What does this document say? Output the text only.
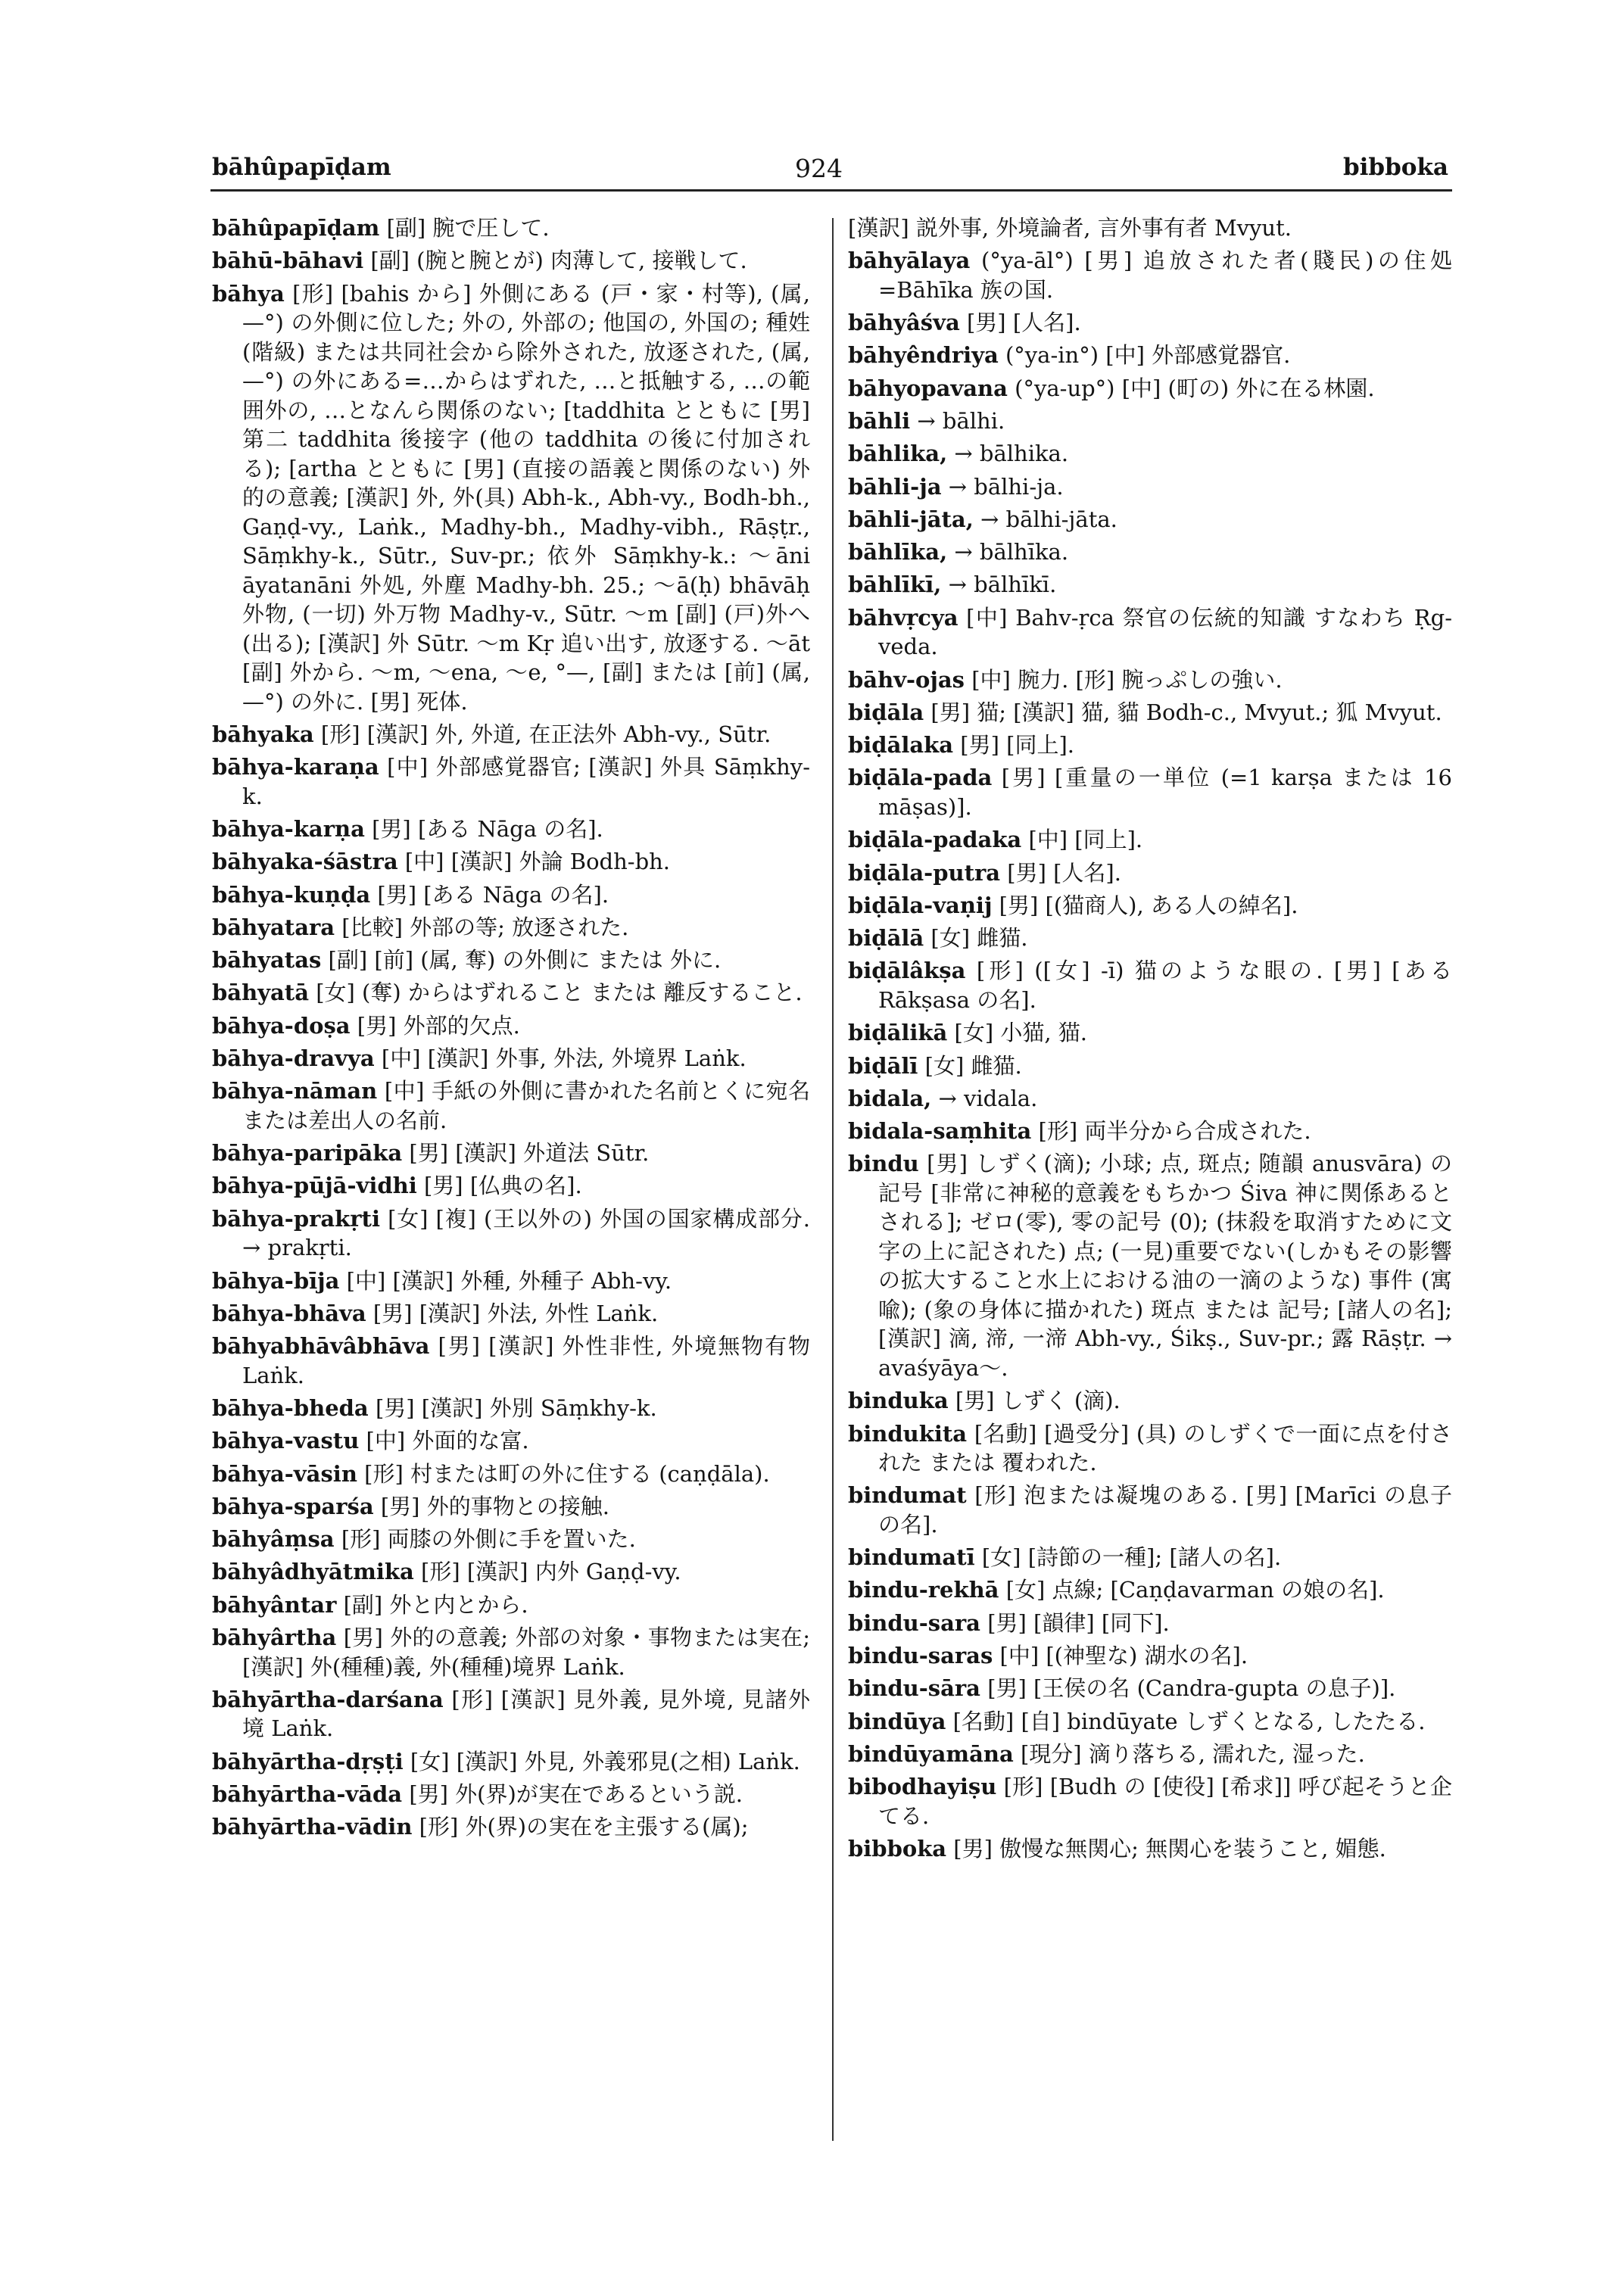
bāhûpapīḍam	924	bibboka
bāhûpapīḍam [副] 腕で圧して.
bāhū-bāhavi [副] (腕と腕とが) 肉薄して, 接戦して.
bāhya [形] [bahis から] 外側にある (戸・家・村等), (属, —°) の外側に位した; 外の, 外部の; 他国の, 外国の; 種姓(階級) または共同社会から除外された, 放逐された, (属, —°) の外にある=…からはずれた, …と抵触する, …の範囲外の, …となんら関係のない; [taddhita とともに [男] 第二 taddhita 後接字 (他の taddhita の後に付加される); [artha とともに [男] (直接の語義と関係のない) 外的の意義; [漢訳] 外, 外(具) Abh-k., Abh-vy., Bodh-bh., Gaṇḍ-vy., Laṅk., Madhy-bh., Madhy-vibh., Rāṣṭr., Sāṃkhy-k., Sūtr., Suv-pr.; 依外 Sāṃkhy-k.: ～āni āyatanāni 外処, 外塵 Madhy-bh. 25.; ～ā(ḥ) bhāvāḥ 外物, (一切) 外万物 Madhy-v., Sūtr. ～m [副] (戸)外へ (出る); [漢訳] 外 Sūtr. ～m Kṛ 追い出す, 放逐する. ～āt [副] 外から. ～m, ～ena, ～e, °—, [副] または [前] (属, —°) の外に. [男] 死体.
bāhyaka [形] [漢訳] 外, 外道, 在正法外 Abh-vy., Sūtr.
bāhya-karaṇa [中] 外部感覚器官; [漢訳] 外具 Sāṃkhy-k.
bāhya-karṇa [男] [ある Nāga の名].
bāhyaka-śāstra [中] [漢訳] 外論 Bodh-bh.
bāhya-kuṇḍa [男] [ある Nāga の名].
bāhyatara [比較] 外部の等; 放逐された.
bāhyatas [副] [前] (属, 奪) の外側に または 外に.
bāhyatā [女] (奪) からはずれること または 離反すること.
bāhya-doṣa [男] 外部的欠点.
bāhya-dravya [中] [漢訳] 外事, 外法, 外境界 Laṅk.
bāhya-nāman [中] 手紙の外側に書かれた名前とくに宛名または差出人の名前.
bāhya-paripāka [男] [漢訳] 外道法 Sūtr.
bāhya-pūjā-vidhi [男] [仏典の名].
bāhya-prakṛti [女] [複] (王以外の) 外国の国家構成部分. → prakṛti.
bāhya-bīja [中] [漢訳] 外種, 外種子 Abh-vy.
bāhya-bhāva [男] [漢訳] 外法, 外性 Laṅk.
bāhyabhāvâbhāva [男] [漢訳] 外性非性, 外境無物有物 Laṅk.
bāhya-bheda [男] [漢訳] 外別 Sāṃkhy-k.
bāhya-vastu [中] 外面的な富.
bāhya-vāsin [形] 村または町の外に住する (caṇḍāla).
bāhya-sparśa [男] 外的事物との接触.
bāhyâṃsa [形] 両膝の外側に手を置いた.
bāhyâdhyātmika [形] [漢訳] 内外 Gaṇḍ-vy.
bāhyântar [副] 外と内とから.
bāhyârtha [男] 外的の意義; 外部の対象・事物または実在; [漢訳] 外(種種)義, 外(種種)境界 Laṅk.
bāhyārtha-darśana [形] [漢訳] 見外義, 見外境, 見諸外境 Laṅk.
bāhyārtha-dṛṣṭi [女] [漢訳] 外見, 外義邪見(之相) Laṅk.
bāhyārtha-vāda [男] 外(界)が実在であるという説.
bāhyārtha-vādin [形] 外(界)の実在を主張する(属);
[漢訳] 説外事, 外境論者, 言外事有者 Mvyut.
bāhyālaya (°ya-āl°) [男] 追放された者(賤民)の住処=Bāhīka 族の国.
bāhyâśva [男] [人名].
bāhyêndriya (°ya-in°) [中] 外部感覚器官.
bāhyopavana (°ya-up°) [中] (町の) 外に在る林園.
bāhli → bālhi.
bāhlika, → bālhika.
bāhli-ja → bālhi-ja.
bāhli-jāta, → bālhi-jāta.
bāhlīka, → bālhīka.
bāhlīkī, → bālhīkī.
bāhvṛcya [中] Bahv-ṛca 祭官の伝統的知識 すなわち Ṛg-veda.
bāhv-ojas [中] 腕力. [形] 腕っぷしの強い.
biḍāla [男] 猫; [漢訳] 猫, 貓 Bodh-c., Mvyut.; 狐 Mvyut.
biḍālaka [男] [同上].
biḍāla-pada [男] [重量の一単位 (=1 karṣa または 16 māṣas)].
biḍāla-padaka [中] [同上].
biḍāla-putra [男] [人名].
biḍāla-vaṇij [男] [(猫商人), ある人の綽名].
biḍālā [女] 雌猫.
biḍālâkṣa [形] ([女] -ī) 猫のような眼の. [男] [ある Rākṣasa の名].
biḍālikā [女] 小猫, 猫.
biḍālī [女] 雌猫.
bidala, → vidala.
bidala-saṃhita [形] 両半分から合成された.
bindu [男] しずく(滴); 小球; 点, 斑点; 随韻 anusvāra) の記号 [非常に神秘的意義をもちかつ Śiva 神に関係あるとされる]; ゼロ(零), 零の記号 (0); (抹殺を取消すために文字の上に記された) 点; (一見)重要でない(しかもその影響の拡大すること水上における油の一滴のような) 事件 (寓喩); (象の身体に描かれた) 斑点 または 記号; [諸人の名]; [漢訳] 滴, 渧, 一渧 Abh-vy., Śikṣ., Suv-pr.; 露 Rāṣṭr. → avaśyāya～.
binduka [男] しずく (滴).
bindukita [名動] [過受分] (具) のしずくで一面に点を付された または 覆われた.
bindumat [形] 泡または凝塊のある. [男] [Marīci の息子の名].
bindumatī [女] [詩節の一種]; [諸人の名].
bindu-rekhā [女] 点線; [Caṇḍavarman の娘の名].
bindu-sara [男] [韻律] [同下].
bindu-saras [中] [(神聖な) 湖水の名].
bindu-sāra [男] [王侯の名 (Candra-gupta の息子)].
bindūya [名動] [自] bindūyate しずくとなる, したたる.
bindūyamāna [現分] 滴り落ちる, 濡れた, 湿った.
bibodhayiṣu [形] [Budh の [使役] [希求]] 呼び起そうと企てる.
bibboka [男] 傲慢な無関心; 無関心を装うこと, 媚態.
